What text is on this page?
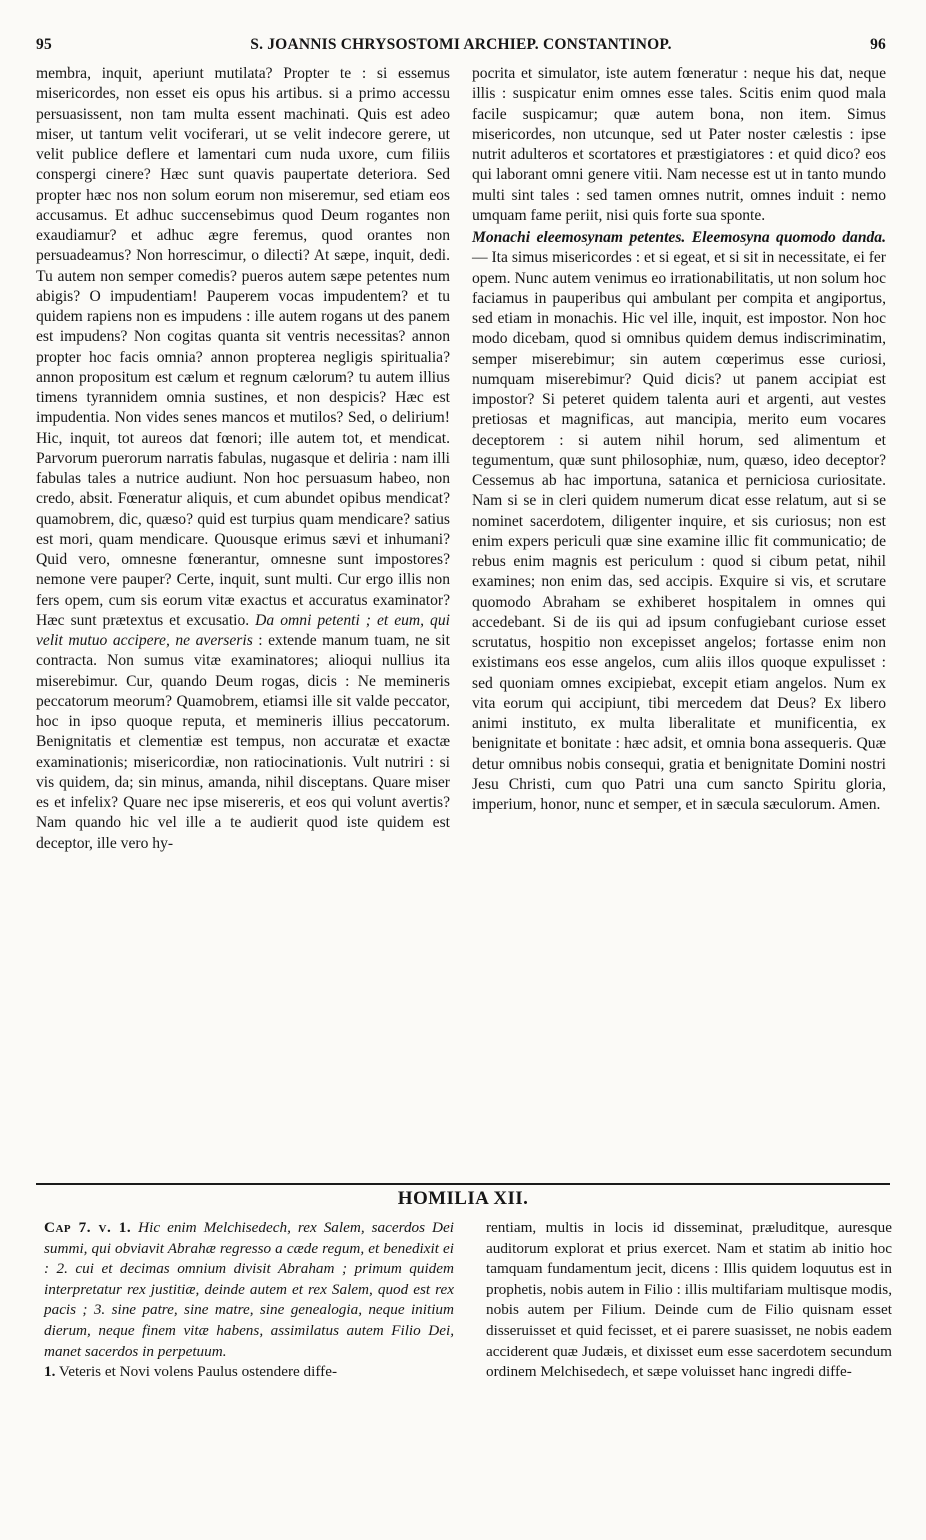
95	S. JOANNIS CHRYSOSTOMI ARCHIEP. CONSTANTINOP.	96

membra, inquit, aperiunt mutilata? Propter te : si essemus misericordes, non esset eis opus his artibus. si a primo accessu persuasissent, non tam multa essent machinati. Quis est adeo miser, ut tantum velit vociferari, ut se velit indecore gerere, ut velit publice deflere et lamentari cum nuda uxore, cum filiis conspergi cinere? Hæc sunt quavis paupertate deteriora. Sed propter hæc nos non solum eorum non miseremur, sed etiam eos accusamus. Et adhuc succensebimus quod Deum rogantes non exaudiamur? et adhuc ægre feremus, quod orantes non persuadeamus? Non horrescimur, o dilecti? At sæpe, inquit, dedi. Tu autem non semper comedis? pueros autem sæpe petentes num abigis? O impudentiam! Pauperem vocas impudentem? et tu quidem rapiens non es impudens : ille autem rogans ut des panem est impudens? Non cogitas quanta sit ventris necessitas? annon propter hoc facis omnia? annon propterea negligis spiritualia? annon propositum est cælum et regnum cælorum? tu autem illius timens tyrannidem omnia sustines, et non despicis? Hæc est impudentia. Non vides senes mancos et mutilos? Sed, o delirium! Hic, inquit, tot aureos dat fœnori; ille autem tot, et mendicat. Parvorum puerorum narratis fabulas, nugasque et deliria : nam illi fabulas tales a nutrice audiunt. Non hoc persuasum habeo, non credo, absit. Fœneratur aliquis, et cum abundet opibus mendicat? quamobrem, dic, quæso? quid est turpius quam mendicare? satius est mori, quam mendicare. Quousque erimus sævi et inhumani? Quid vero, omnesne fœnerantur, omnesne sunt impostores? nemone vere pauper? Certe, inquit, sunt multi. Cur ergo illis non fers opem, cum sis eorum vitæ exactus et accuratus examinator? Hæc sunt prætextus et excusatio. Da omni petenti ; et eum, qui velit mutuo accipere, ne averseris : extende manum tuam, ne sit contracta. Non sumus vitæ examinatores; alioqui nullius ita miserebimur. Cur, quando Deum rogas, dicis : Ne memineris peccatorum meorum? Quamobrem, etiamsi ille sit valde peccator, hoc in ipso quoque reputa, et memineris illius peccatorum. Benignitatis et clementiæ est tempus, non accuratæ et exactæ examinationis; misericordiæ, non ratiocinationis. Vult nutriri : si vis quidem, da; sin minus, amanda, nihil disceptans. Quare miser es et infelix? Quare nec ipse misereris, et eos qui volunt avertis? Nam quando hic vel ille a te audierit quod iste quidem est deceptor, ille vero hy-

pocrita et simulator, iste autem fœneratur : neque his dat, neque illis : suspicatur enim omnes esse tales. Scitis enim quod mala facile suspicamur; quæ autem bona, non item. Simus misericordes, non utcunque, sed ut Pater noster cælestis : ipse nutrit adulteros et scortatores et præstigiatores : et quid dico? eos qui laborant omni genere vitii. Nam necesse est ut in tanto mundo multi sint tales : sed tamen omnes nutrit, omnes induit : nemo umquam fame periit, nisi quis forte sua sponte.

Monachi eleemosynam petentes. Eleemosyna quomodo danda. — Ita simus misericordes : et si egeat, et si sit in necessitate, ei fer opem. Nunc autem venimus eo irrationabilitatis, ut non solum hoc faciamus in pauperibus qui ambulant per compita et angiportus, sed etiam in monachis. Hic vel ille, inquit, est impostor. Non hoc modo dicebam, quod si omnibus quidem demus indiscriminatim, semper miserebimur; sin autem cœperimus esse curiosi, numquam miserebimur? Quid dicis? ut panem accipiat est impostor? Si peteret quidem talenta auri et argenti, aut vestes pretiosas et magnificas, aut mancipia, merito eum vocares deceptorem : si autem nihil horum, sed alimentum et tegumentum, quæ sunt philosophiæ, num, quæso, ideo deceptor? Cessemus ab hac importuna, satanica et perniciosa curiositate. Nam si se in cleri quidem numerum dicat esse relatum, aut si se nominet sacerdotem, diligenter inquire, et sis curiosus; non est enim expers periculi quæ sine examine illic fit communicatio; de rebus enim magnis est periculum : quod si cibum petat, nihil examines; non enim das, sed accipis. Exquire si vis, et scrutare quomodo Abraham se exhiberet hospitalem in omnes qui accedebant. Si de iis qui ad ipsum confugiebant curiose esset scrutatus, hospitio non excepisset angelos; fortasse enim non existimans eos esse angelos, cum aliis illos quoque expulisset : sed quoniam omnes excipiebat, excepit etiam angelos. Num ex vita eorum qui accipiunt, tibi mercedem dat Deus? Ex libero animi instituto, ex multa liberalitate et munificentia, ex benignitate et bonitate : hæc adsit, et omnia bona assequeris. Quæ detur omnibus nobis consequi, gratia et benignitate Domini nostri Jesu Christi, cum quo Patri una cum sancto Spiritu gloria, imperium, honor, nunc et semper, et in sæcula sæculorum. Amen.

HOMILIA XII.

Cap 7. v. 1. Hic enim Melchisedech, rex Salem, sacerdos Dei summi, qui obviavit Abrahæ regresso a cæde regum, et benedixit ei : 2. cui et decimas omnium divisit Abraham ; primum quidem interpretatur rex justitiæ, deinde autem et rex Salem, quod est rex pacis ; 3. sine patre, sine matre, sine genealogia, neque initium dierum, neque finem vitæ habens, assimilatus autem Filio Dei, manet sacerdos in perpetuum.

1. Veteris et Novi volens Paulus ostendere diffe-

rentiam, multis in locis id disseminat, præluditque, auresque auditorum explorat et prius exercet. Nam et statim ab initio hoc tamquam fundamentum jecit, dicens : Illis quidem loquutus est in prophetis, nobis autem in Filio : illis multifariam multisque modis, nobis autem per Filium. Deinde cum de Filio quisnam esset disseruisset et quid fecisset, et ei parere suasisset, ne nobis eadem acciderent quæ Judæis, et dixisset eum esse sacerdotem secundum ordinem Melchisedech, et sæpe voluisset hanc ingredi diffe-
